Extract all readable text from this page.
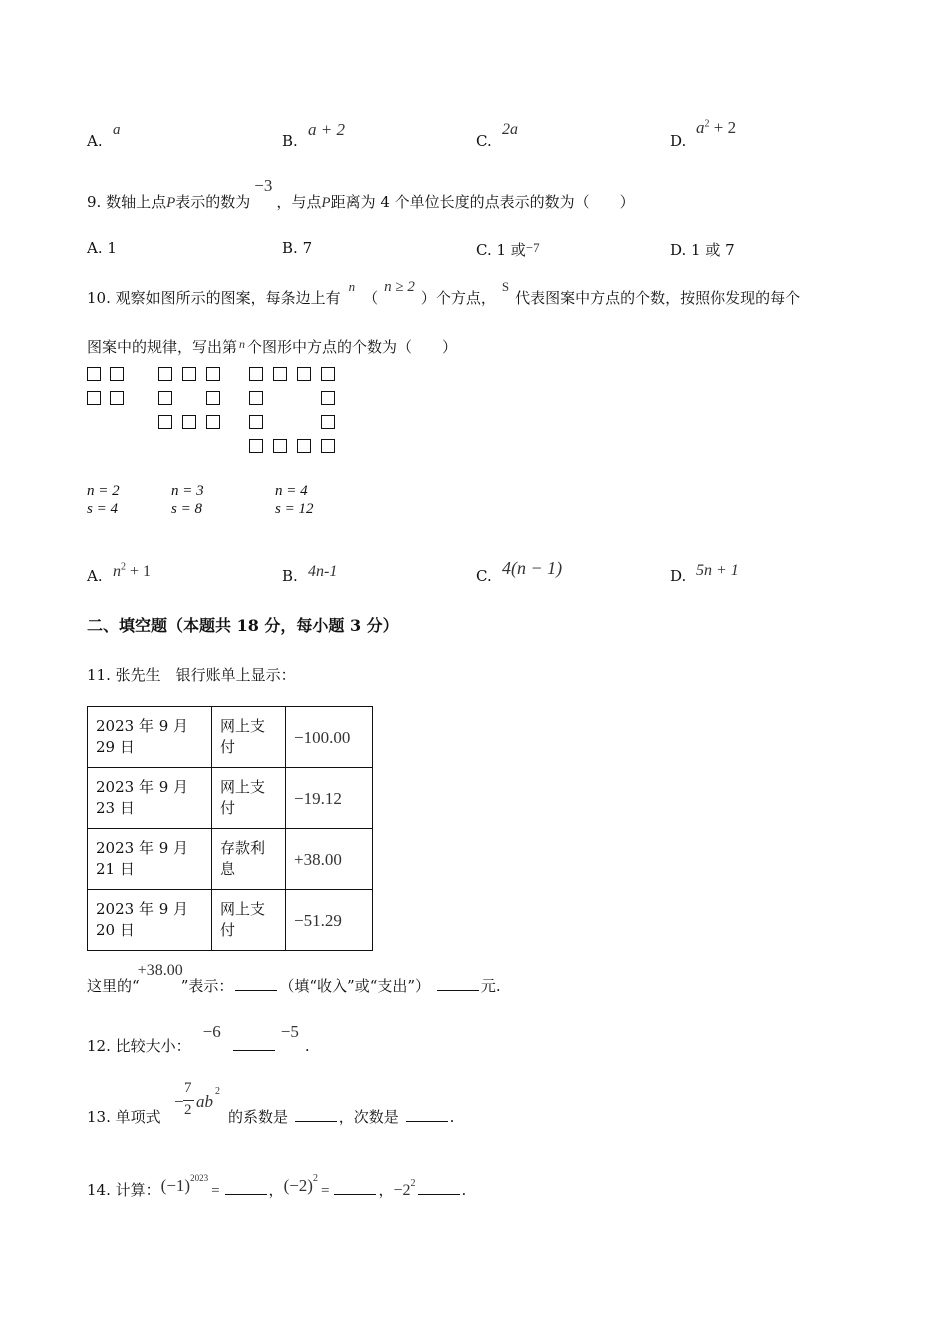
A.
a
B.
a + 2
C.
2a
D.
$a^2 + 2$
9. 数轴上点P表示的数为−3，与点P距离为 4 个单位长度的点表示的数为（　　）
A. 1	B. 7	C. 1 或−7	D. 1 或 7
10. 观察如图所示的图案，每条边上有n（n ≥ 2）个方点，S代表图案中方点的个数，按照你发现的每个
图案中的规律，写出第 $^n$ 个图形中方点的个数为（　　）
n = 2
s = 4
n = 3
s = 8
n = 4
s = 12
A. $n^2 + 1$	B. 4n-1	C. 4(n − 1)	D. 5n + 1
二、填空题（本题共 18 分，每小题 3 分）
11. 张先生　银行账单上显示：
2023 年 9 月 29 日	网上支付	−100.00
2023 年 9 月 23 日	网上支付	−19.12
2023 年 9 月 21 日	存款利息	+38.00
2023 年 9 月 20 日	网上支付	−51.29
这里的“+38.00”表示：	（填“收入”或“支出”）	元.
12. 比较大小：−6	−5.
13. 单项式
−
7
2 ab
2
的系数是	，次数是	.
14. 计算：$(-1)^{2023}=$	，$(-2)^2=$	，$-2^2$	.
